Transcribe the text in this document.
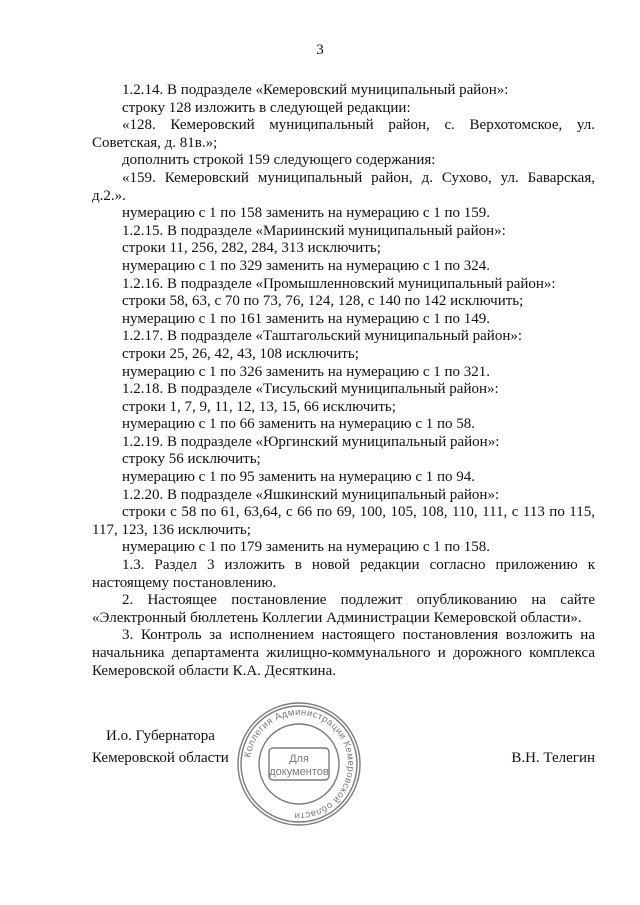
3

1.2.14. В подразделе «Кемеровский муниципальный район»:

строку 128 изложить в следующей редакции:

«128. Кемеровский муниципальный район, с. Верхотомское, ул. Советская, д. 81в.»;

дополнить строкой 159 следующего содержания:

«159. Кемеровский муниципальный район, д. Сухово, ул. Баварская, д.2.».

нумерацию с 1 по 158 заменить на нумерацию с 1 по 159.

1.2.15. В подразделе «Мариинский муниципальный район»:

строки 11, 256, 282, 284, 313 исключить;

нумерацию с 1 по 329 заменить на нумерацию с 1 по 324.

1.2.16. В подразделе «Промышленновский муниципальный район»:

строки 58, 63, с 70 по 73, 76, 124, 128, с 140 по 142 исключить;

нумерацию с 1 по 161 заменить на нумерацию с 1 по 149.

1.2.17. В подразделе «Таштагольский муниципальный район»:

строки 25, 26, 42, 43, 108 исключить;

нумерацию с 1 по 326 заменить на нумерацию с 1 по 321.

1.2.18. В подразделе «Тисульский муниципальный район»:

строки 1, 7, 9, 11, 12, 13, 15, 66 исключить;

нумерацию с 1 по 66 заменить на нумерацию с 1 по 58.

1.2.19. В подразделе «Юргинский муниципальный район»:

строку 56 исключить;

нумерацию с 1 по 95 заменить на нумерацию с 1 по 94.

1.2.20. В подразделе «Яшкинский муниципальный район»:

строки с 58 по 61, 63,64, с 66 по 69, 100, 105, 108, 110, 111, с 113 по 115, 117, 123, 136 исключить;

нумерацию с 1 по 179 заменить на нумерацию с 1 по 158.

1.3. Раздел 3 изложить в новой редакции согласно приложению к настоящему постановлению.

2. Настоящее постановление подлежит опубликованию на сайте «Электронный бюллетень Коллегии Администрации Кемеровской области».

3. Контроль за исполнением настоящего постановления возложить на начальника департамента жилищно-коммунального и дорожного комплекса Кемеровской области К.А. Десяткина.

И.о. Губернатора
Кемеровской области Коллегия Администрации Кемеровской области
Для
документов
В.Н. Телегин
